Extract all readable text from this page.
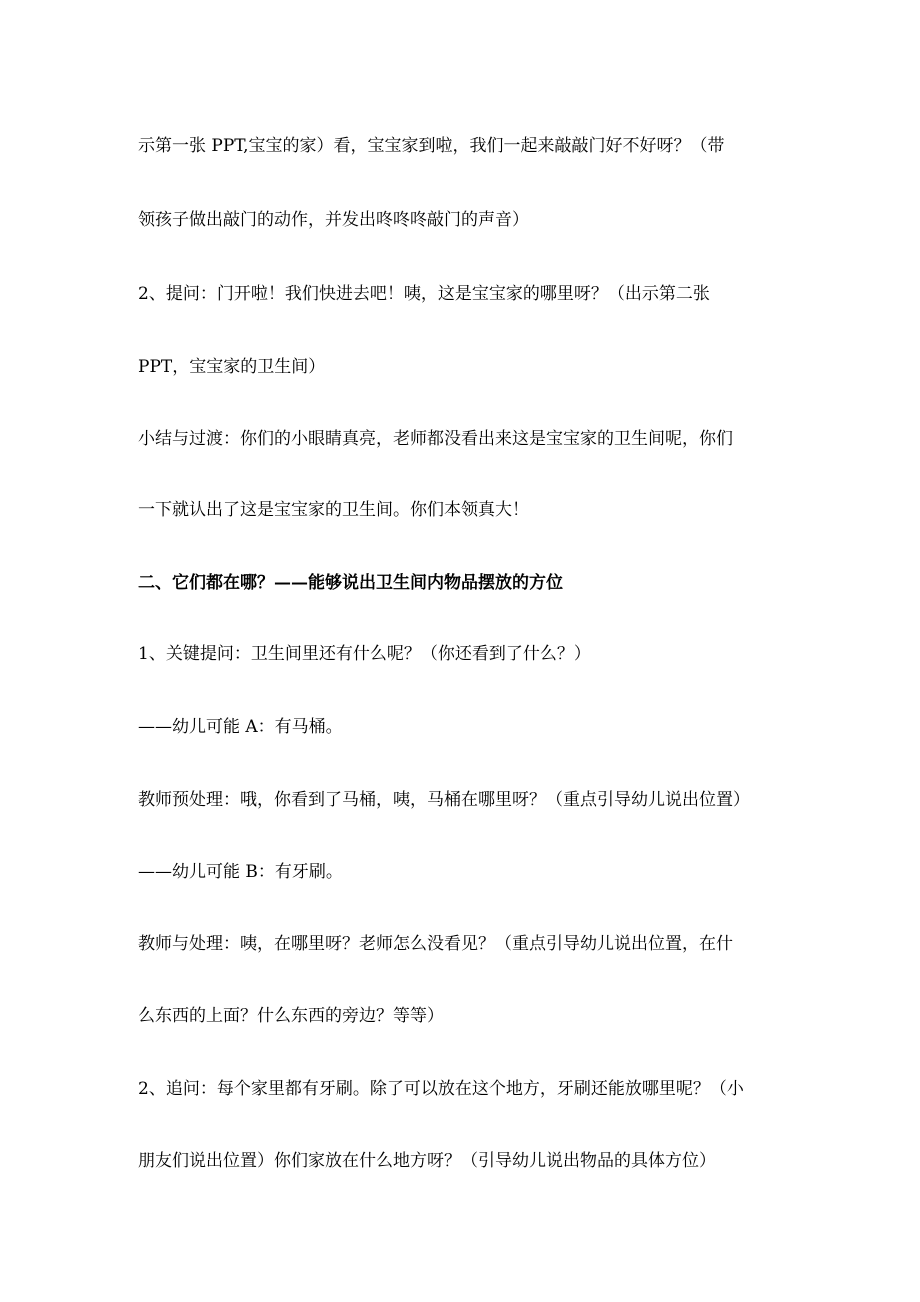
示第一张 PPT,宝宝的家）看，宝宝家到啦，我们一起来敲敲门好不好呀？（带
领孩子做出敲门的动作，并发出咚咚咚敲门的声音）
2、提问：门开啦！我们快进去吧！咦，这是宝宝家的哪里呀？（出示第二张
PPT，宝宝家的卫生间）
小结与过渡：你们的小眼睛真亮，老师都没看出来这是宝宝家的卫生间呢，你们
一下就认出了这是宝宝家的卫生间。你们本领真大！
二、它们都在哪？——能够说出卫生间内物品摆放的方位
1、关键提问：卫生间里还有什么呢？（你还看到了什么？）
——幼儿可能 A：有马桶。
教师预处理：哦，你看到了马桶，咦，马桶在哪里呀？（重点引导幼儿说出位置）
——幼儿可能 B：有牙刷。
教师与处理：咦，在哪里呀？老师怎么没看见？（重点引导幼儿说出位置，在什
么东西的上面？什么东西的旁边？等等）
2、追问：每个家里都有牙刷。除了可以放在这个地方，牙刷还能放哪里呢？（小
朋友们说出位置）你们家放在什么地方呀？（引导幼儿说出物品的具体方位）
